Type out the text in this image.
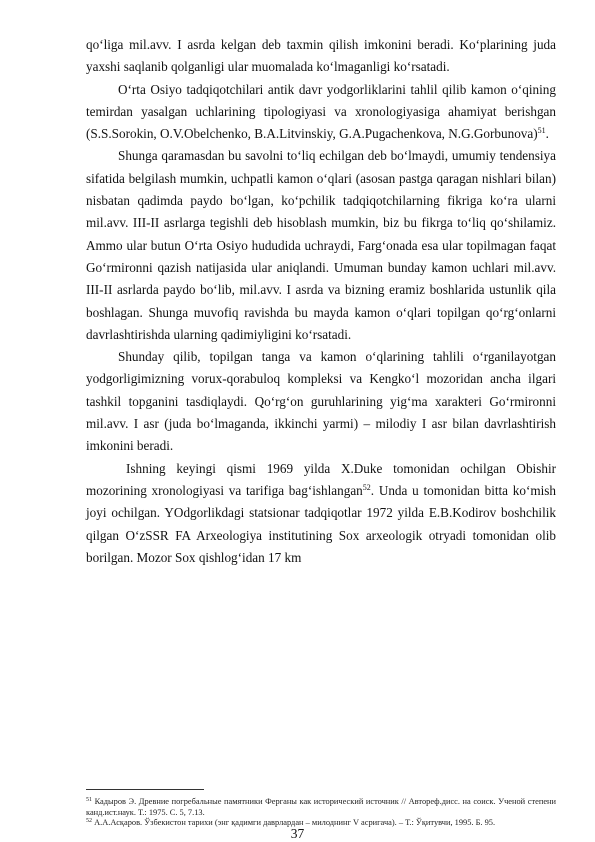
qo‘liga mil.avv. I asrda kelgan deb taxmin qilish imkonini beradi. Ko‘plarining juda yaxshi saqlanib qolganligi ular muomalada ko‘lmaganligi ko‘rsatadi.

O‘rta Osiyo tadqiqotchilari antik davr yodgorliklarini tahlil qilib kamon o‘qining temirdan yasalgan uchlarining tipologiyasi va xronologiyasiga ahamiyat berishgan (S.S.Sorokin, O.V.Obelchenko, B.A.Litvinskiy, G.A.Pugachenkova, N.G.Gorbunova)$^{51}$.

Shunga qaramasdan bu savolni to‘liq echilgan deb bo‘lmaydi, umumiy tendensiya sifatida belgilash mumkin, uchpatli kamon o‘qlari (asosan pastga qaragan nishlari bilan) nisbatan qadimda paydo bo‘lgan, ko‘pchilik tadqiqotchilarning fikriga ko‘ra ularni mil.avv. III-II asrlarga tegishli deb hisoblash mumkin, biz bu fikrga to‘liq qo‘shilamiz. Ammo ular butun O‘rta Osiyo hududida uchraydi, Farg‘onada esa ular topilmagan faqat Go‘rmironni qazish natijasida ular aniqlandi. Umuman bunday kamon uchlari mil.avv. III-II asrlarda paydo bo‘lib, mil.avv. I asrda va bizning eramiz boshlarida ustunlik qila boshlagan. Shunga muvofiq ravishda bu mayda kamon o‘qlari topilgan qo‘rg‘onlarni davrlashtirishda ularning qadimiyligini ko‘rsatadi.

Shunday qilib, topilgan tanga va kamon o‘qlarining tahlili o‘rganilayotgan yodgorligimizning vorux-qorabuloq kompleksi va Kengko‘l mozoridan ancha ilgari tashkil topganini tasdiqlaydi. Qo‘rg‘on guruhlarining yig‘ma xarakteri Go‘rmironni mil.avv. I asr (juda bo‘lmaganda, ikkinchi yarmi) – milodiy I asr bilan davrlashtirish imkonini beradi.

Ishning keyingi qismi 1969 yilda X.Duke tomonidan ochilgan Obishir mozorining xronologiyasi va tarifiga bag‘ishlangan$^{52}$. Unda u tomonidan bitta ko‘mish joyi ochilgan. YOdgorlikdagi statsionar tadqiqotlar 1972 yilda E.B.Kodirov boshchilik qilgan O‘zSSR FA Arxeologiya institutining Sox arxeologik otryadi tomonidan olib borilgan. Mozor Sox qishlog‘idan 17 km

$^{51}$ Кадыров Э. Древние погребальные памятники Ферганы как исторический источник // Автореф.дисс. на соиск. Ученой степени канд.ист.наук. Т.: 1975. С. 5, 7.13.
$^{52}$ А.А.Асқаров. Ўзбекистон тарихи (энг қадимги даврлардан – милоднинг V асригача). – Т.: Ўқитувчи, 1995. Б. 95.
37
